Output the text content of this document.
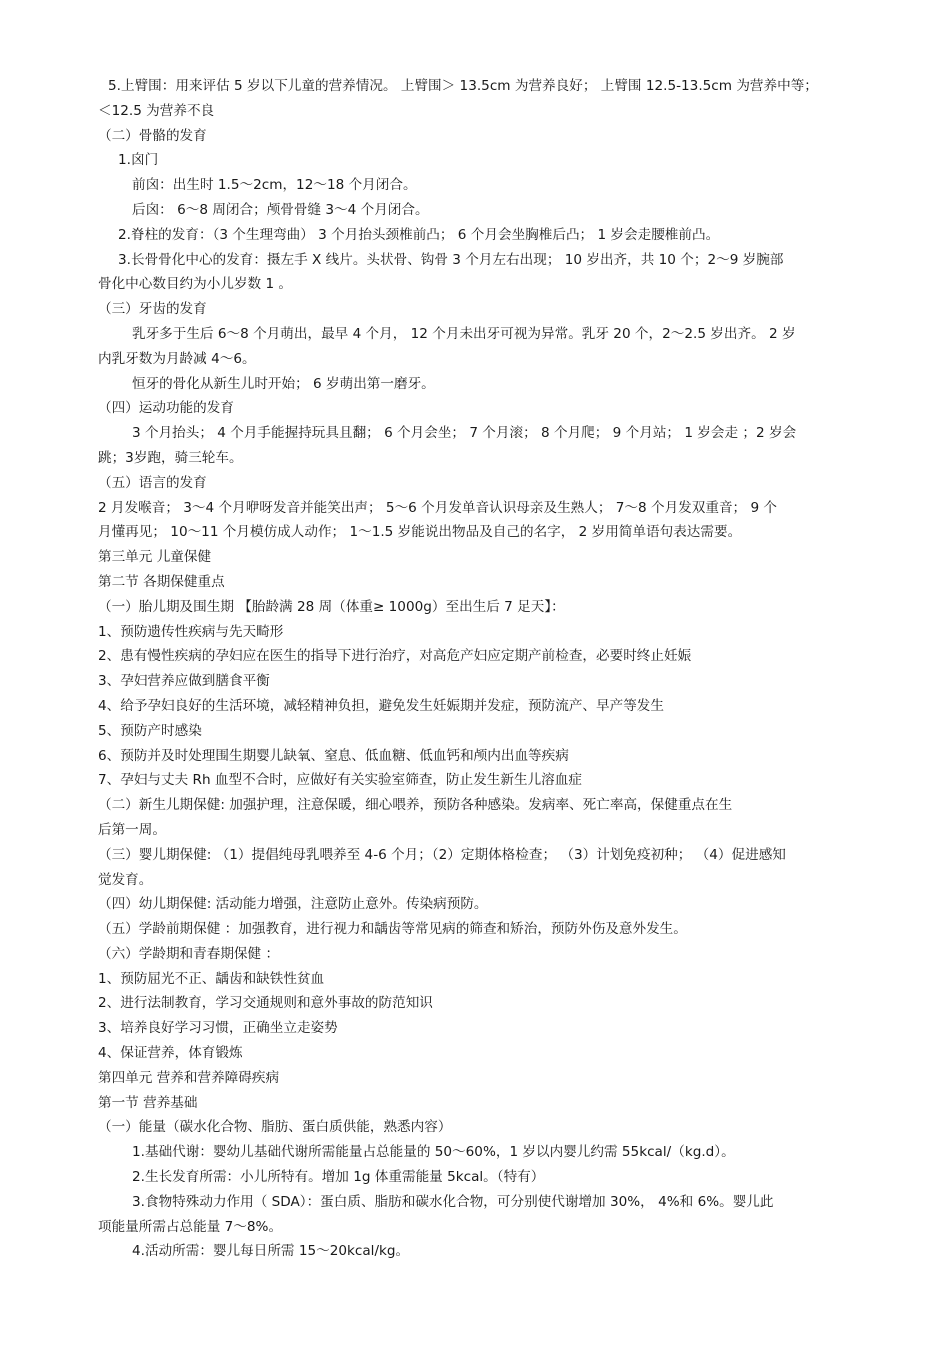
5.上臂围：用来评估 5 岁以下儿童的营养情况。 上臂围＞ 13.5cm 为营养良好； 上臂围 12.5-13.5cm 为营养中等；
＜12.5 为营养不良
（二）骨骼的发育
1.囟门
前囟：出生时 1.5～2cm，12～18 个月闭合。
后囟： 6～8 周闭合；颅骨骨缝 3～4 个月闭合。
2.脊柱的发育：（3 个生理弯曲） 3 个月抬头颈椎前凸； 6 个月会坐胸椎后凸； 1 岁会走腰椎前凸。
3.长骨骨化中心的发育：摄左手 X 线片。头状骨、钩骨 3 个月左右出现； 10 岁出齐，共 10 个；2～9 岁腕部
骨化中心数目约为小儿岁数 1 。
（三）牙齿的发育
乳牙多于生后 6～8 个月萌出，最早 4 个月， 12 个月未出牙可视为异常。乳牙 20 个，2～2.5 岁出齐。 2 岁
内乳牙数为月龄减 4～6。
恒牙的骨化从新生儿时开始； 6 岁萌出第一磨牙。
（四）运动功能的发育
3 个月抬头； 4 个月手能握持玩具且翻； 6 个月会坐； 7 个月滚； 8 个月爬； 9 个月站； 1 岁会走 ；2 岁会
跳；3岁跑，骑三轮车。
（五）语言的发育
2 月发喉音； 3～4 个月咿呀发音并能笑出声； 5～6 个月发单音认识母亲及生熟人； 7～8 个月发双重音； 9 个
月懂再见； 10～11 个月模仿成人动作； 1～1.5 岁能说出物品及自己的名字， 2 岁用简单语句表达需要。
第三单元 儿童保健
第二节 各期保健重点
（一）胎儿期及围生期 【胎龄满 28 周（体重≥ 1000g）至出生后 7 足天】：
1、预防遗传性疾病与先天畸形
2、患有慢性疾病的孕妇应在医生的指导下进行治疗，对高危产妇应定期产前检查，必要时终止妊娠
3、孕妇营养应做到膳食平衡
4、给予孕妇良好的生活环境，减轻精神负担，避免发生妊娠期并发症，预防流产、早产等发生
5、预防产时感染
6、预防并及时处理围生期婴儿缺氧、窒息、低血糖、低血钙和颅内出血等疾病
7、孕妇与丈夫 Rh 血型不合时，应做好有关实验室筛查，防止发生新生儿溶血症
（二）新生儿期保健: 加强护理，注意保暖，细心喂养，预防各种感染。发病率、死亡率高，保健重点在生
后第一周。
（三）婴儿期保健: （1）提倡纯母乳喂养至 4-6 个月；（2）定期体格检查； （3）计划免疫初种； （4）促进感知
觉发育。
（四）幼儿期保健: 活动能力增强，注意防止意外。传染病预防。
（五）学龄前期保健 ：加强教育，进行视力和龋齿等常见病的筛查和矫治，预防外伤及意外发生。
（六）学龄期和青春期保健 ：
1、预防屈光不正、龋齿和缺铁性贫血
2、进行法制教育，学习交通规则和意外事故的防范知识
3、培养良好学习习惯，正确坐立走姿势
4、保证营养，体育锻炼
第四单元 营养和营养障碍疾病
第一节 营养基础
（一）能量（碳水化合物、脂肪、蛋白质供能，熟悉内容）
1.基础代谢：婴幼儿基础代谢所需能量占总能量的 50～60%，1 岁以内婴儿约需 55kcal/（kg.d）。
2.生长发育所需：小儿所特有。增加 1g 体重需能量 5kcal。（特有）
3.食物特殊动力作用（ SDA）：蛋白质、脂肪和碳水化合物，可分别使代谢增加 30%， 4%和 6%。婴儿此
项能量所需占总能量 7～8%。
4.活动所需：婴儿每日所需 15～20kcal/kg。
